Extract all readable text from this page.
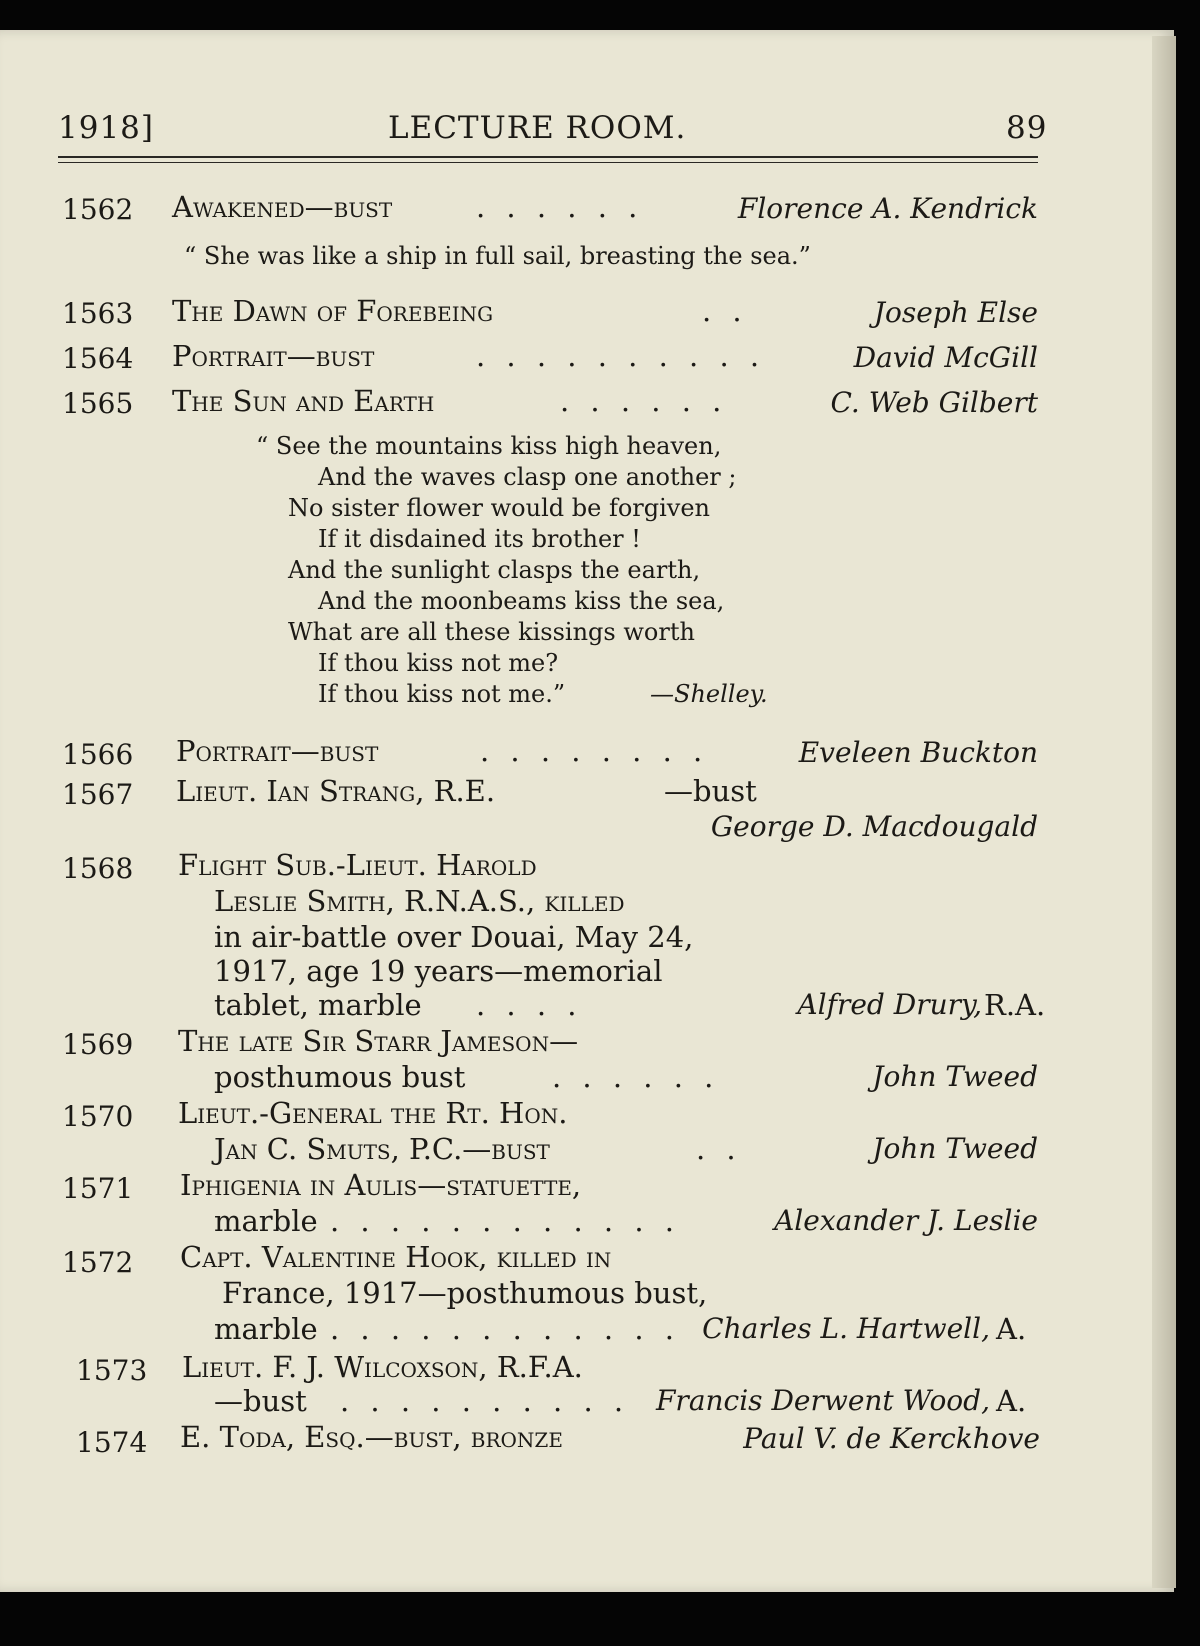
1918]	LECTURE ROOM.	89
1562 Awakened—bust	. . . . . .	Florence A. Kendrick
“ She was like a ship in full sail, breasting the sea.”
1563 The Dawn of Forebeing	. .	Joseph Else
1564 Portrait—bust	. . . . . . . . . .	David McGill
1565 The Sun and Earth	. . . . . .	C. Web Gilbert
“ See the mountains kiss high heaven,
And the waves clasp one another ;
No sister flower would be forgiven
If it disdained its brother !
And the sunlight clasps the earth,
And the moonbeams kiss the sea,
What are all these kissings worth
If thou kiss not me?
If thou kiss not me.”	—Shelley.
1566 Portrait—bust	. . . . . . . .	Eveleen Buckton
1567 Lieut. Ian Strang, R.E.	—bust
George D. Macdougald
1568 Flight Sub.-Lieut. Harold
Leslie Smith, R.N.A.S., killed
in air-battle over Douai, May 24,
1917, age 19 years—memorial
tablet, marble . . . .	Alfred Drury, R.A.
1569 The late Sir Starr Jameson—
posthumous bust	. . . . . .	John Tweed
1570 Lieut.-General the Rt. Hon.
Jan C. Smuts, P.C.—bust	. .	John Tweed
1571 Iphigenia in Aulis—statuette,
marble . . . . . . . . . . . .	Alexander J. Leslie
1572 Capt. Valentine Hook, killed in
France, 1917—posthumous bust,
marble . . . . . . . . . . . . Charles L. Hartwell, A.
1573 Lieut. F. J. Wilcoxson, R.F.A.
—bust . . . . . . . . . . Francis Derwent Wood, A.
1574 E. Toda, Esq.—bust, bronze	Paul V. de Kerckhove
